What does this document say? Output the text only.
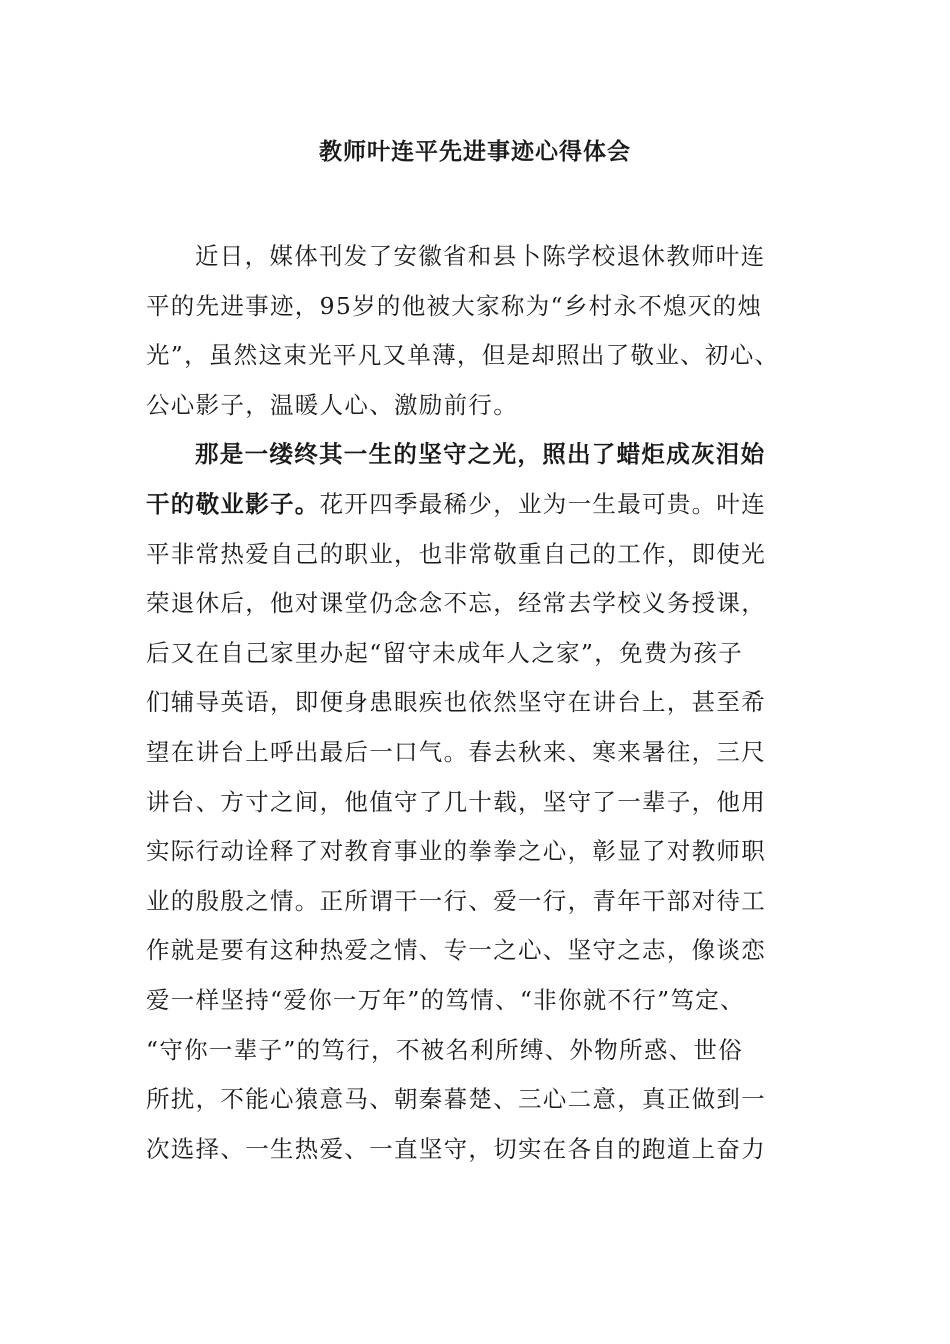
教师叶连平先进事迹心得体会
近日，媒体刊发了安徽省和县卜陈学校退休教师叶连
平的先进事迹，95岁的他被大家称为“乡村永不熄灭的烛
光”，虽然这束光平凡又单薄，但是却照出了敬业、初心、
公心影子，温暖人心、激励前行。
那是一缕终其一生的坚守之光，照出了蜡炬成灰泪始
干的敬业影子。花开四季最稀少，业为一生最可贵。叶连
平非常热爱自己的职业，也非常敬重自己的工作，即使光
荣退休后，他对课堂仍念念不忘，经常去学校义务授课，
后又在自己家里办起“留守未成年人之家”，免费为孩子
们辅导英语，即便身患眼疾也依然坚守在讲台上，甚至希
望在讲台上呼出最后一口气。春去秋来、寒来暑往，三尺
讲台、方寸之间，他值守了几十载，坚守了一辈子，他用
实际行动诠释了对教育事业的拳拳之心，彰显了对教师职
业的殷殷之情。正所谓干一行、爱一行，青年干部对待工
作就是要有这种热爱之情、专一之心、坚守之志，像谈恋
爱一样坚持“爱你一万年”的笃情、“非你就不行”笃定、
“守你一辈子”的笃行，不被名利所缚、外物所惑、世俗
所扰，不能心猿意马、朝秦暮楚、三心二意，真正做到一
次选择、一生热爱、一直坚守，切实在各自的跑道上奋力
